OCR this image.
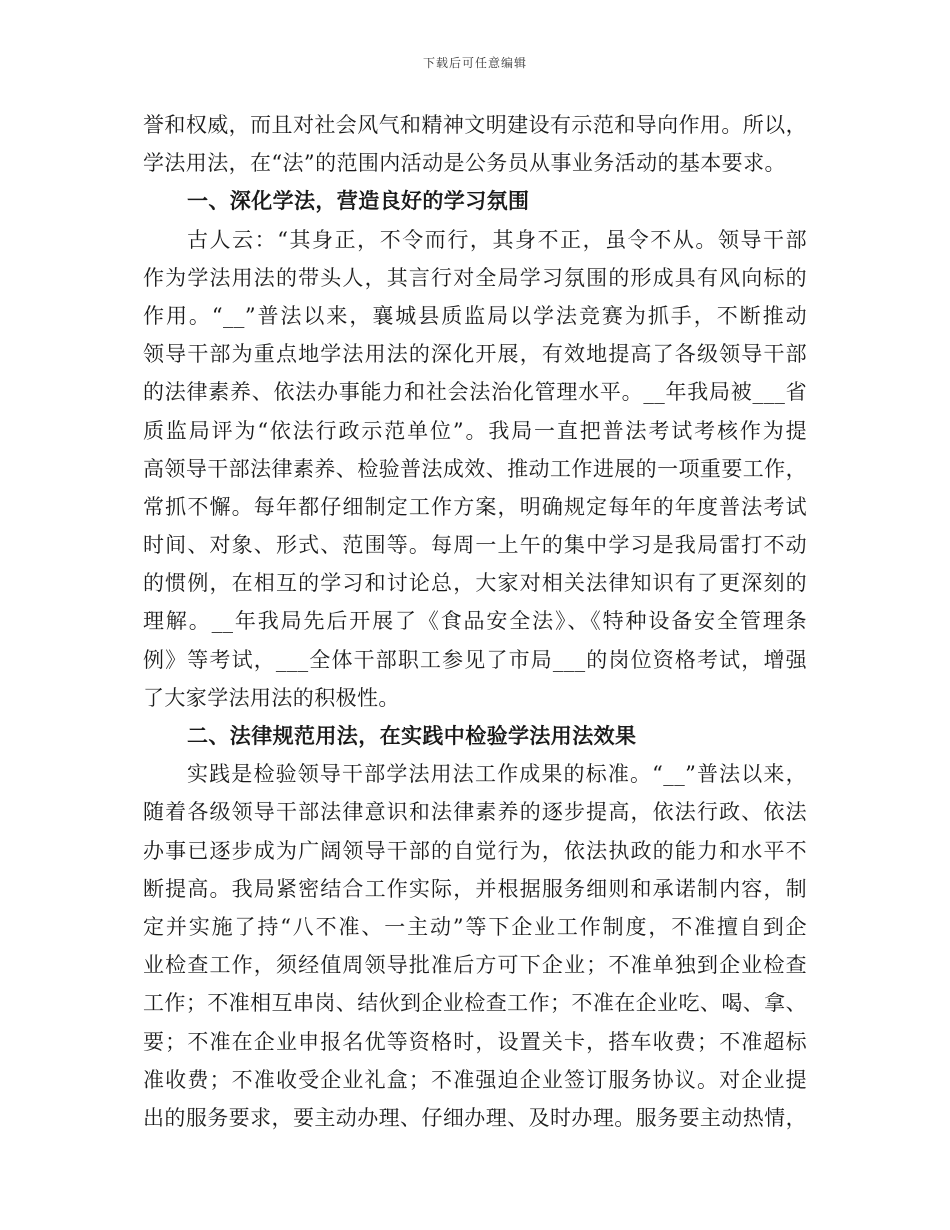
下载后可任意编辑
誉和权威，而且对社会风气和精神文明建设有示范和导向作用。所以，
学法用法，在“法”的范围内活动是公务员从事业务活动的基本要求。
一、深化学法，营造良好的学习氛围
古人云：“其身正，不令而行，其身不正，虽令不从。领导干部
作为学法用法的带头人，其言行对全局学习氛围的形成具有风向标的
作用。“__”普法以来，襄城县质监局以学法竞赛为抓手，不断推动
领导干部为重点地学法用法的深化开展，有效地提高了各级领导干部
的法律素养、依法办事能力和社会法治化管理水平。__年我局被___省
质监局评为“依法行政示范单位”。我局一直把普法考试考核作为提
高领导干部法律素养、检验普法成效、推动工作进展的一项重要工作，
常抓不懈。每年都仔细制定工作方案，明确规定每年的年度普法考试
时间、对象、形式、范围等。每周一上午的集中学习是我局雷打不动
的惯例，在相互的学习和讨论总，大家对相关法律知识有了更深刻的
理解。__年我局先后开展了《食品安全法》、《特种设备安全管理条
例》等考试，___全体干部职工参见了市局___的岗位资格考试，增强
了大家学法用法的积极性。
二、法律规范用法，在实践中检验学法用法效果
实践是检验领导干部学法用法工作成果的标准。“__”普法以来，
随着各级领导干部法律意识和法律素养的逐步提高，依法行政、依法
办事已逐步成为广阔领导干部的自觉行为，依法执政的能力和水平不
断提高。我局紧密结合工作实际，并根据服务细则和承诺制内容，制
定并实施了持“八不准、一主动”等下企业工作制度，不准擅自到企
业检查工作，须经值周领导批准后方可下企业；不准单独到企业检查
工作；不准相互串岗、结伙到企业检查工作；不准在企业吃、喝、拿、
要；不准在企业申报名优等资格时，设置关卡，搭车收费；不准超标
准收费；不准收受企业礼盒；不准强迫企业签订服务协议。对企业提
出的服务要求，要主动办理、仔细办理、及时办理。服务要主动热情，
